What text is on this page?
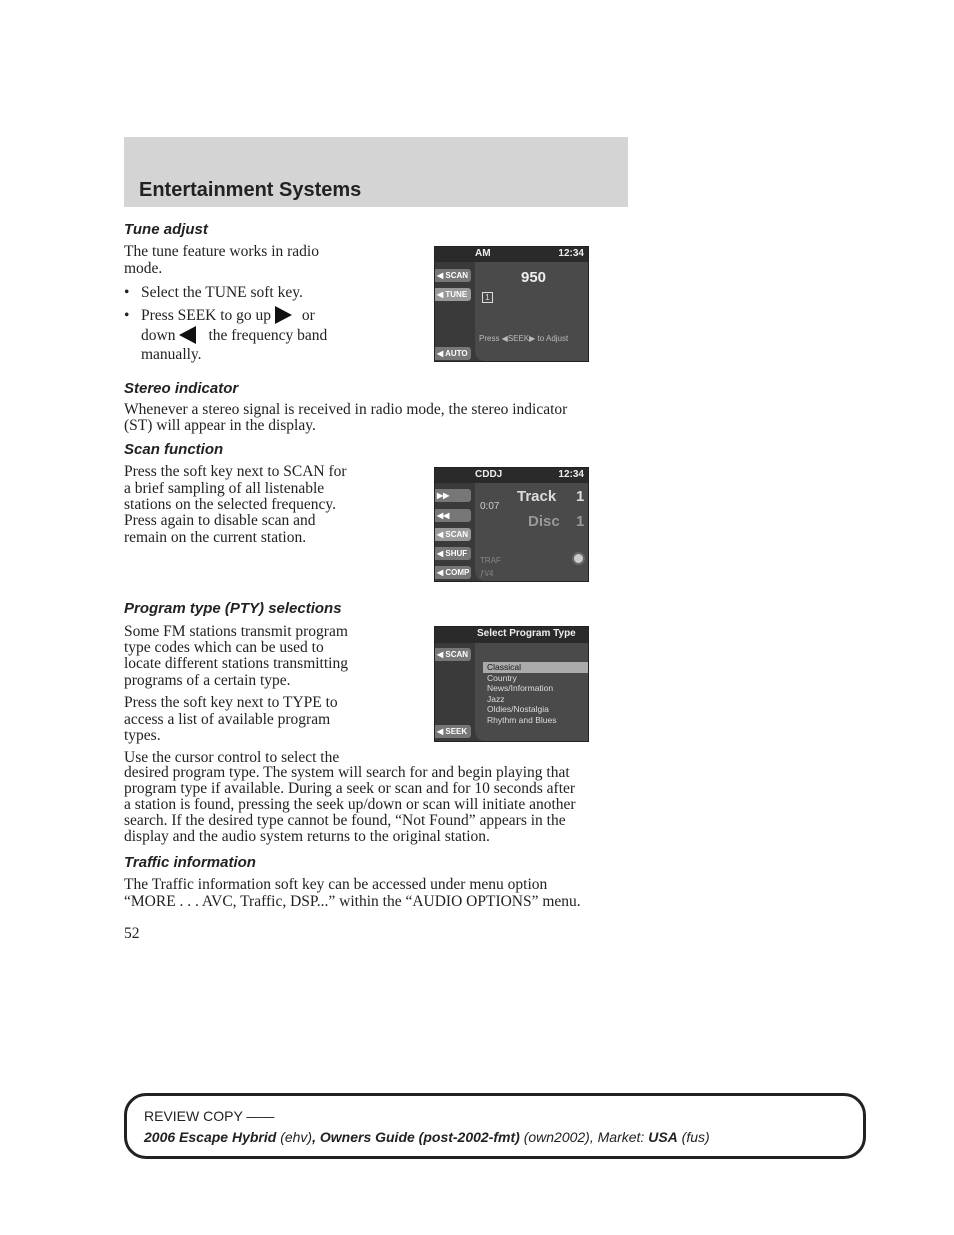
Entertainment Systems
Tune adjust
The tune feature works in radio
mode.
• Select the TUNE soft key.
• Press SEEK to go up or
down the frequency band
manually.
AM	12:34
950
1
Press ◀SEEK▶ to Adjust
◀ SCAN
◀ TUNE
◀ AUTO
Stereo indicator
Whenever a stereo signal is received in radio mode, the stereo indicator
(ST) will appear in the display.
Scan function
Press the soft key next to SCAN for
a brief sampling of all listenable
stations on the selected frequency.
Press again to disable scan and
remain on the current station.
CDDJ	12:34
0:07
Track 1
Disc 1
TRAF
ƒ\/4
▶▶
◀◀
◀ SCAN
◀ SHUF
◀ COMP
Program type (PTY) selections
Some FM stations transmit program
type codes which can be used to
locate different stations transmitting
programs of a certain type.
Press the soft key next to TYPE to
access a list of available program
types.
Use the cursor control to select the
desired program type. The system will search for and begin playing that
program type if available. During a seek or scan and for 10 seconds after
a station is found, pressing the seek up/down or scan will initiate another
search. If the desired type cannot be found, “Not Found” appears in the
display and the audio system returns to the original station.
Select Program Type
Classical
Country
News/Information
Jazz
Oldies/Nostalgia
Rhythm and Blues
◀ SCAN
◀ SEEK
Traffic information
The Traffic information soft key can be accessed under menu option
“MORE . . . AVC, Traffic, DSP...” within the “AUDIO OPTIONS” menu.
52
REVIEW COPY ——
2006 Escape Hybrid (ehv), Owners Guide (post-2002-fmt) (own2002), Market: USA (fus)
